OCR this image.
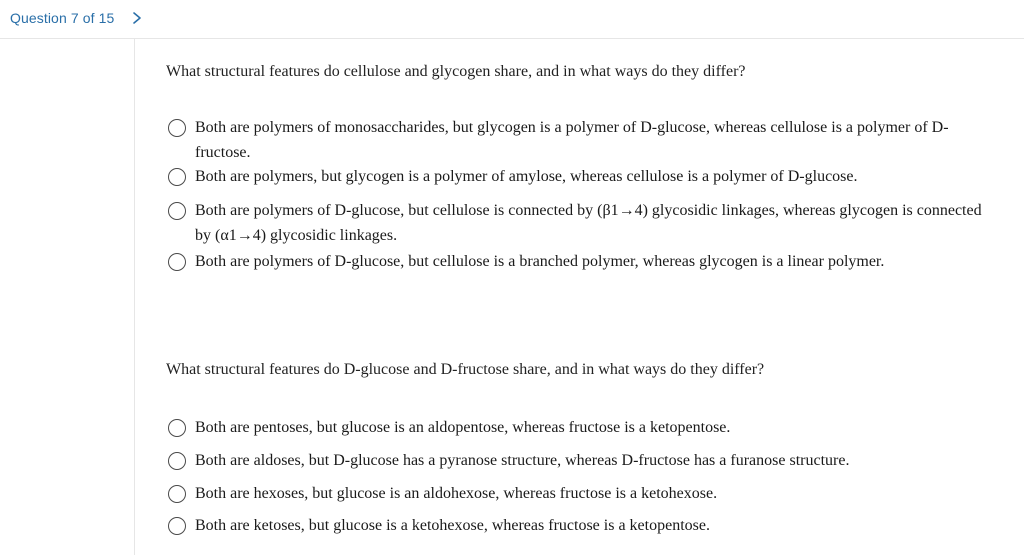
Question 7 of 15
What structural features do cellulose and glycogen share, and in what ways do they differ?
Both are polymers of monosaccharides, but glycogen is a polymer of D-glucose, whereas cellulose is a polymer of D-fructose.
Both are polymers, but glycogen is a polymer of amylose, whereas cellulose is a polymer of D-glucose.
Both are polymers of D-glucose, but cellulose is connected by (β1→4) glycosidic linkages, whereas glycogen is connected by (α1→4) glycosidic linkages.
Both are polymers of D-glucose, but cellulose is a branched polymer, whereas glycogen is a linear polymer.
What structural features do D-glucose and D-fructose share, and in what ways do they differ?
Both are pentoses, but glucose is an aldopentose, whereas fructose is a ketopentose.
Both are aldoses, but D-glucose has a pyranose structure, whereas D-fructose has a furanose structure.
Both are hexoses, but glucose is an aldohexose, whereas fructose is a ketohexose.
Both are ketoses, but glucose is a ketohexose, whereas fructose is a ketopentose.
